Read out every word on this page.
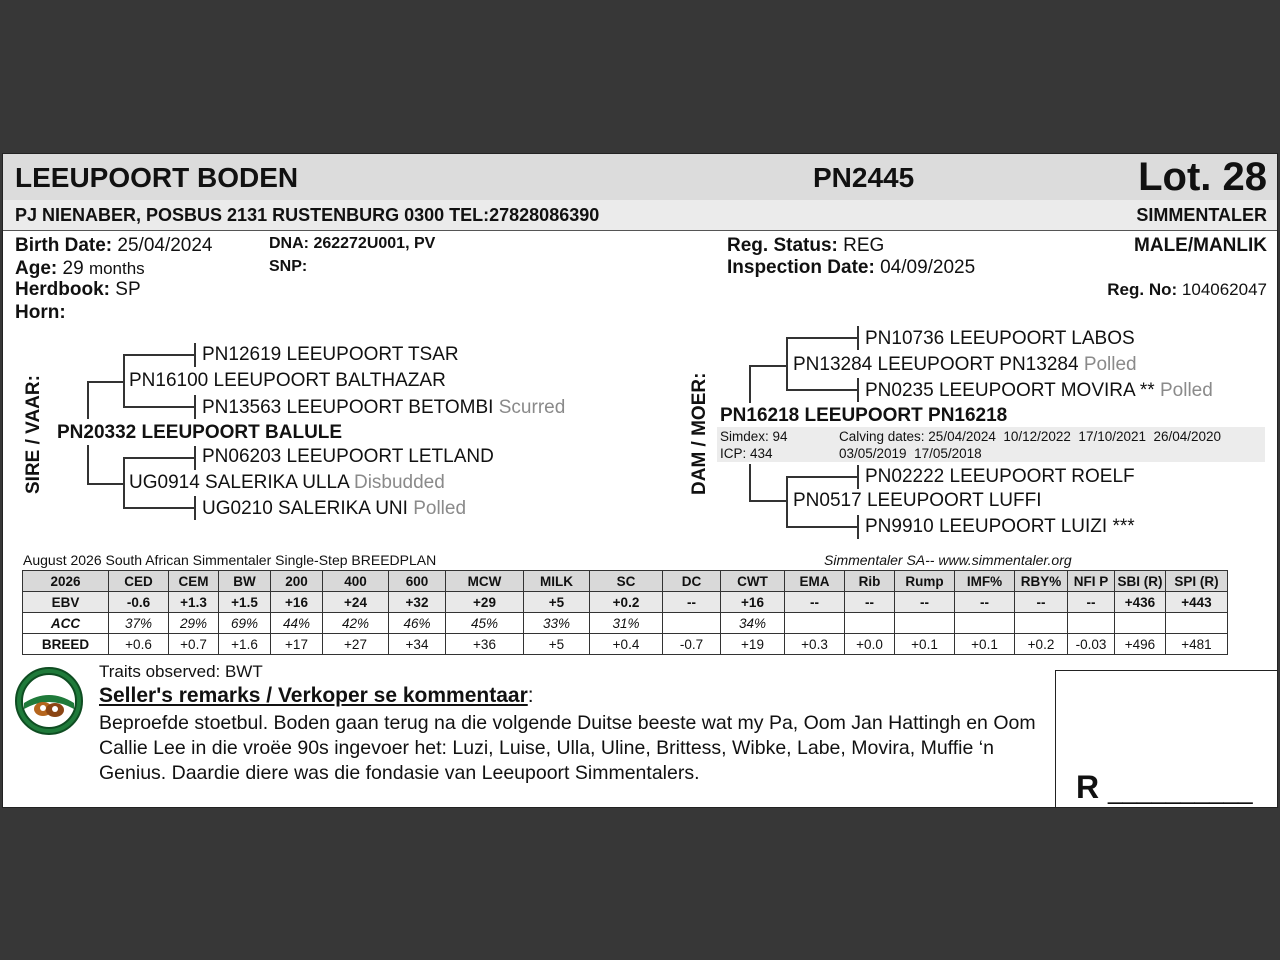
LEEUPOORT BODEN	PN2445	Lot. 28
PJ NIENABER, POSBUS 2131 RUSTENBURG 0300 TEL:27828086390	SIMMENTALER
Birth Date: 25/04/2024
Age: 29 months
Herdbook: SP
Horn:
DNA: 262272U001, PV
SNP:
Reg. Status: REG
Inspection Date: 04/09/2025
MALE/MANLIK
Reg. No: 104062047
SIRE / VAAR:
PN12619 LEEUPOORT TSAR
PN16100 LEEUPOORT BALTHAZAR
PN13563 LEEUPOORT BETOMBI Scurred
PN20332 LEEUPOORT BALULE
PN06203 LEEUPOORT LETLAND
UG0914 SALERIKA ULLA Disbudded
UG0210 SALERIKA UNI Polled
DAM / MOER:
PN10736 LEEUPOORT LABOS
PN13284 LEEUPOORT PN13284 Polled
PN0235 LEEUPOORT MOVIRA ** Polled
PN16218 LEEUPOORT PN16218
Simdex: 94
ICP: 434
Calving dates: 25/04/2024  10/12/2022  17/10/2021  26/04/2020
03/05/2019  17/05/2018
PN02222 LEEUPOORT ROELF
PN0517 LEEUPOORT LUFFI
PN9910 LEEUPOORT LUIZI ***
August 2026 South African Simmentaler Single-Step BREEDPLAN	Simmentaler SA-- www.simmentaler.org
2026	CED	CEM	BW	200	400	600	MCW	MILK	SC	DC	CWT	EMA	Rib	Rump	IMF%	RBY%	NFI P	SBI (R)	SPI (R)
EBV	-0.6	+1.3	+1.5	+16	+24	+32	+29	+5	+0.2	--	+16	--	--	--	--	--	--	+436	+443
ACC	37%	29%	69%	44%	42%	46%	45%	33%	31%		34%								
BREED	+0.6	+0.7	+1.6	+17	+27	+34	+36	+5	+0.4	-0.7	+19	+0.3	+0.0	+0.1	+0.1	+0.2	-0.03	+496	+481
Traits observed: BWT
Seller's remarks / Verkoper se kommentaar:
Beproefde stoetbul. Boden gaan terug na die volgende Duitse beeste wat my Pa, Oom Jan Hattingh en Oom Callie Lee in die vroëe 90s ingevoer het: Luzi, Luise, Ulla, Uline, Brittess, Wibke, Labe, Movira, Muffie ‘n Genius. Daardie diere was die fondasie van Leeupoort Simmentalers.	R __________
